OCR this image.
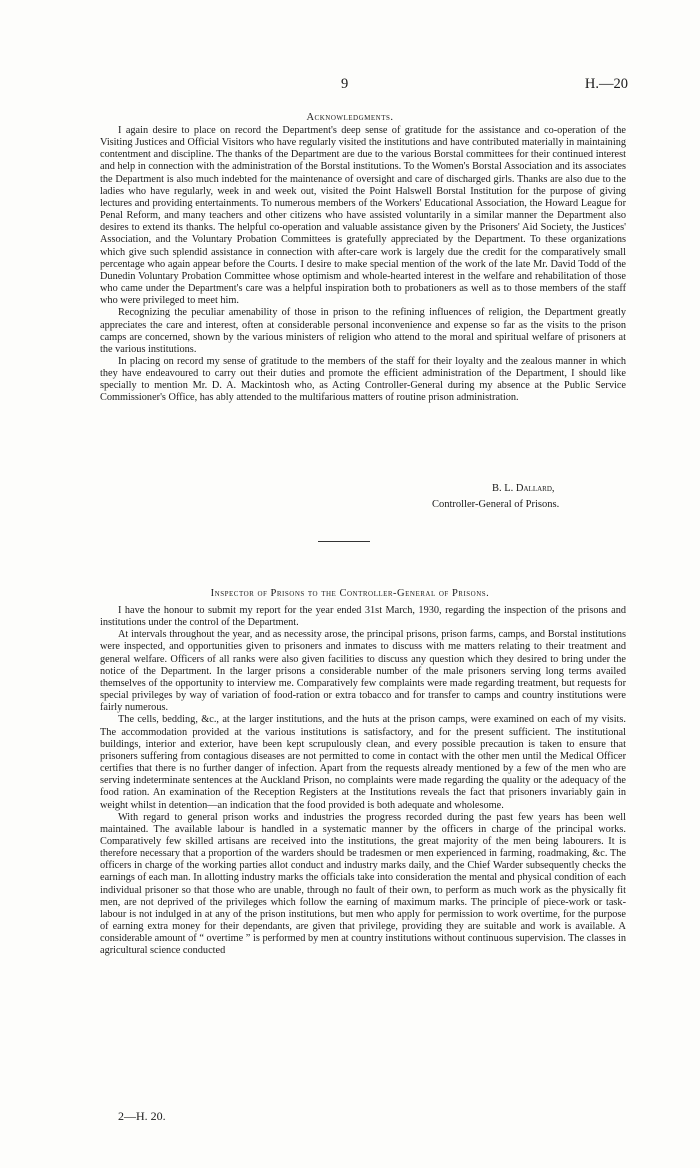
9	H.—20
Acknowledgments.

I again desire to place on record the Department's deep sense of gratitude for the assistance and co-operation of the Visiting Justices and Official Visitors who have regularly visited the institutions and have contributed materially in maintaining contentment and discipline. The thanks of the Department are due to the various Borstal committees for their continued interest and help in connection with the administration of the Borstal institutions. To the Women's Borstal Association and its associates the Department is also much indebted for the maintenance of oversight and care of discharged girls. Thanks are also due to the ladies who have regularly, week in and week out, visited the Point Halswell Borstal Institution for the purpose of giving lectures and providing entertainments. To numerous members of the Workers' Educational Association, the Howard League for Penal Reform, and many teachers and other citizens who have assisted voluntarily in a similar manner the Department also desires to extend its thanks. The helpful co-operation and valuable assistance given by the Prisoners' Aid Society, the Justices' Association, and the Voluntary Probation Committees is gratefully appreciated by the Department. To these organizations which give such splendid assistance in connection with after-care work is largely due the credit for the comparatively small percentage who again appear before the Courts. I desire to make special mention of the work of the late Mr. David Todd of the Dunedin Voluntary Probation Committee whose optimism and whole-hearted interest in the welfare and rehabilitation of those who came under the Department's care was a helpful inspiration both to probationers as well as to those members of the staff who were privileged to meet him.

Recognizing the peculiar amenability of those in prison to the refining influences of religion, the Department greatly appreciates the care and interest, often at considerable personal inconvenience and expense so far as the visits to the prison camps are concerned, shown by the various ministers of religion who attend to the moral and spiritual welfare of prisoners at the various institutions.

In placing on record my sense of gratitude to the members of the staff for their loyalty and the zealous manner in which they have endeavoured to carry out their duties and promote the efficient administration of the Department, I should like specially to mention Mr. D. A. Mackintosh who, as Acting Controller-General during my absence at the Public Service Commissioner's Office, has ably attended to the multifarious matters of routine prison administration.

B. L. Dallard,
Controller-General of Prisons.
Inspector of Prisons to the Controller-General of Prisons.

I have the honour to submit my report for the year ended 31st March, 1930, regarding the inspection of the prisons and institutions under the control of the Department.

At intervals throughout the year, and as necessity arose, the principal prisons, prison farms, camps, and Borstal institutions were inspected, and opportunities given to prisoners and inmates to discuss with me matters relating to their treatment and general welfare. Officers of all ranks were also given facilities to discuss any question which they desired to bring under the notice of the Department. In the larger prisons a considerable number of the male prisoners serving long terms availed themselves of the opportunity to interview me. Comparatively few complaints were made regarding treatment, but requests for special privileges by way of variation of food-ration or extra tobacco and for transfer to camps and country institutions were fairly numerous.

The cells, bedding, &c., at the larger institutions, and the huts at the prison camps, were examined on each of my visits. The accommodation provided at the various institutions is satisfactory, and for the present sufficient. The institutional buildings, interior and exterior, have been kept scrupulously clean, and every possible precaution is taken to ensure that prisoners suffering from contagious diseases are not permitted to come in contact with the other men until the Medical Officer certifies that there is no further danger of infection. Apart from the requests already mentioned by a few of the men who are serving indeterminate sentences at the Auckland Prison, no complaints were made regarding the quality or the adequacy of the food ration. An examination of the Reception Registers at the Institutions reveals the fact that prisoners invariably gain in weight whilst in detention—an indication that the food provided is both adequate and wholesome.

With regard to general prison works and industries the progress recorded during the past few years has been well maintained. The available labour is handled in a systematic manner by the officers in charge of the principal works. Comparatively few skilled artisans are received into the institutions, the great majority of the men being labourers. It is therefore necessary that a proportion of the warders should be tradesmen or men experienced in farming, roadmaking, &c. The officers in charge of the working parties allot conduct and industry marks daily, and the Chief Warder subsequently checks the earnings of each man. In allotting industry marks the officials take into consideration the mental and physical condition of each individual prisoner so that those who are unable, through no fault of their own, to perform as much work as the physically fit men, are not deprived of the privileges which follow the earning of maximum marks. The principle of piece-work or task-labour is not indulged in at any of the prison institutions, but men who apply for permission to work overtime, for the purpose of earning extra money for their dependants, are given that privilege, providing they are suitable and work is available. A considerable amount of “ overtime ” is performed by men at country institutions without continuous supervision. The classes in agricultural science conducted

2—H. 20.
